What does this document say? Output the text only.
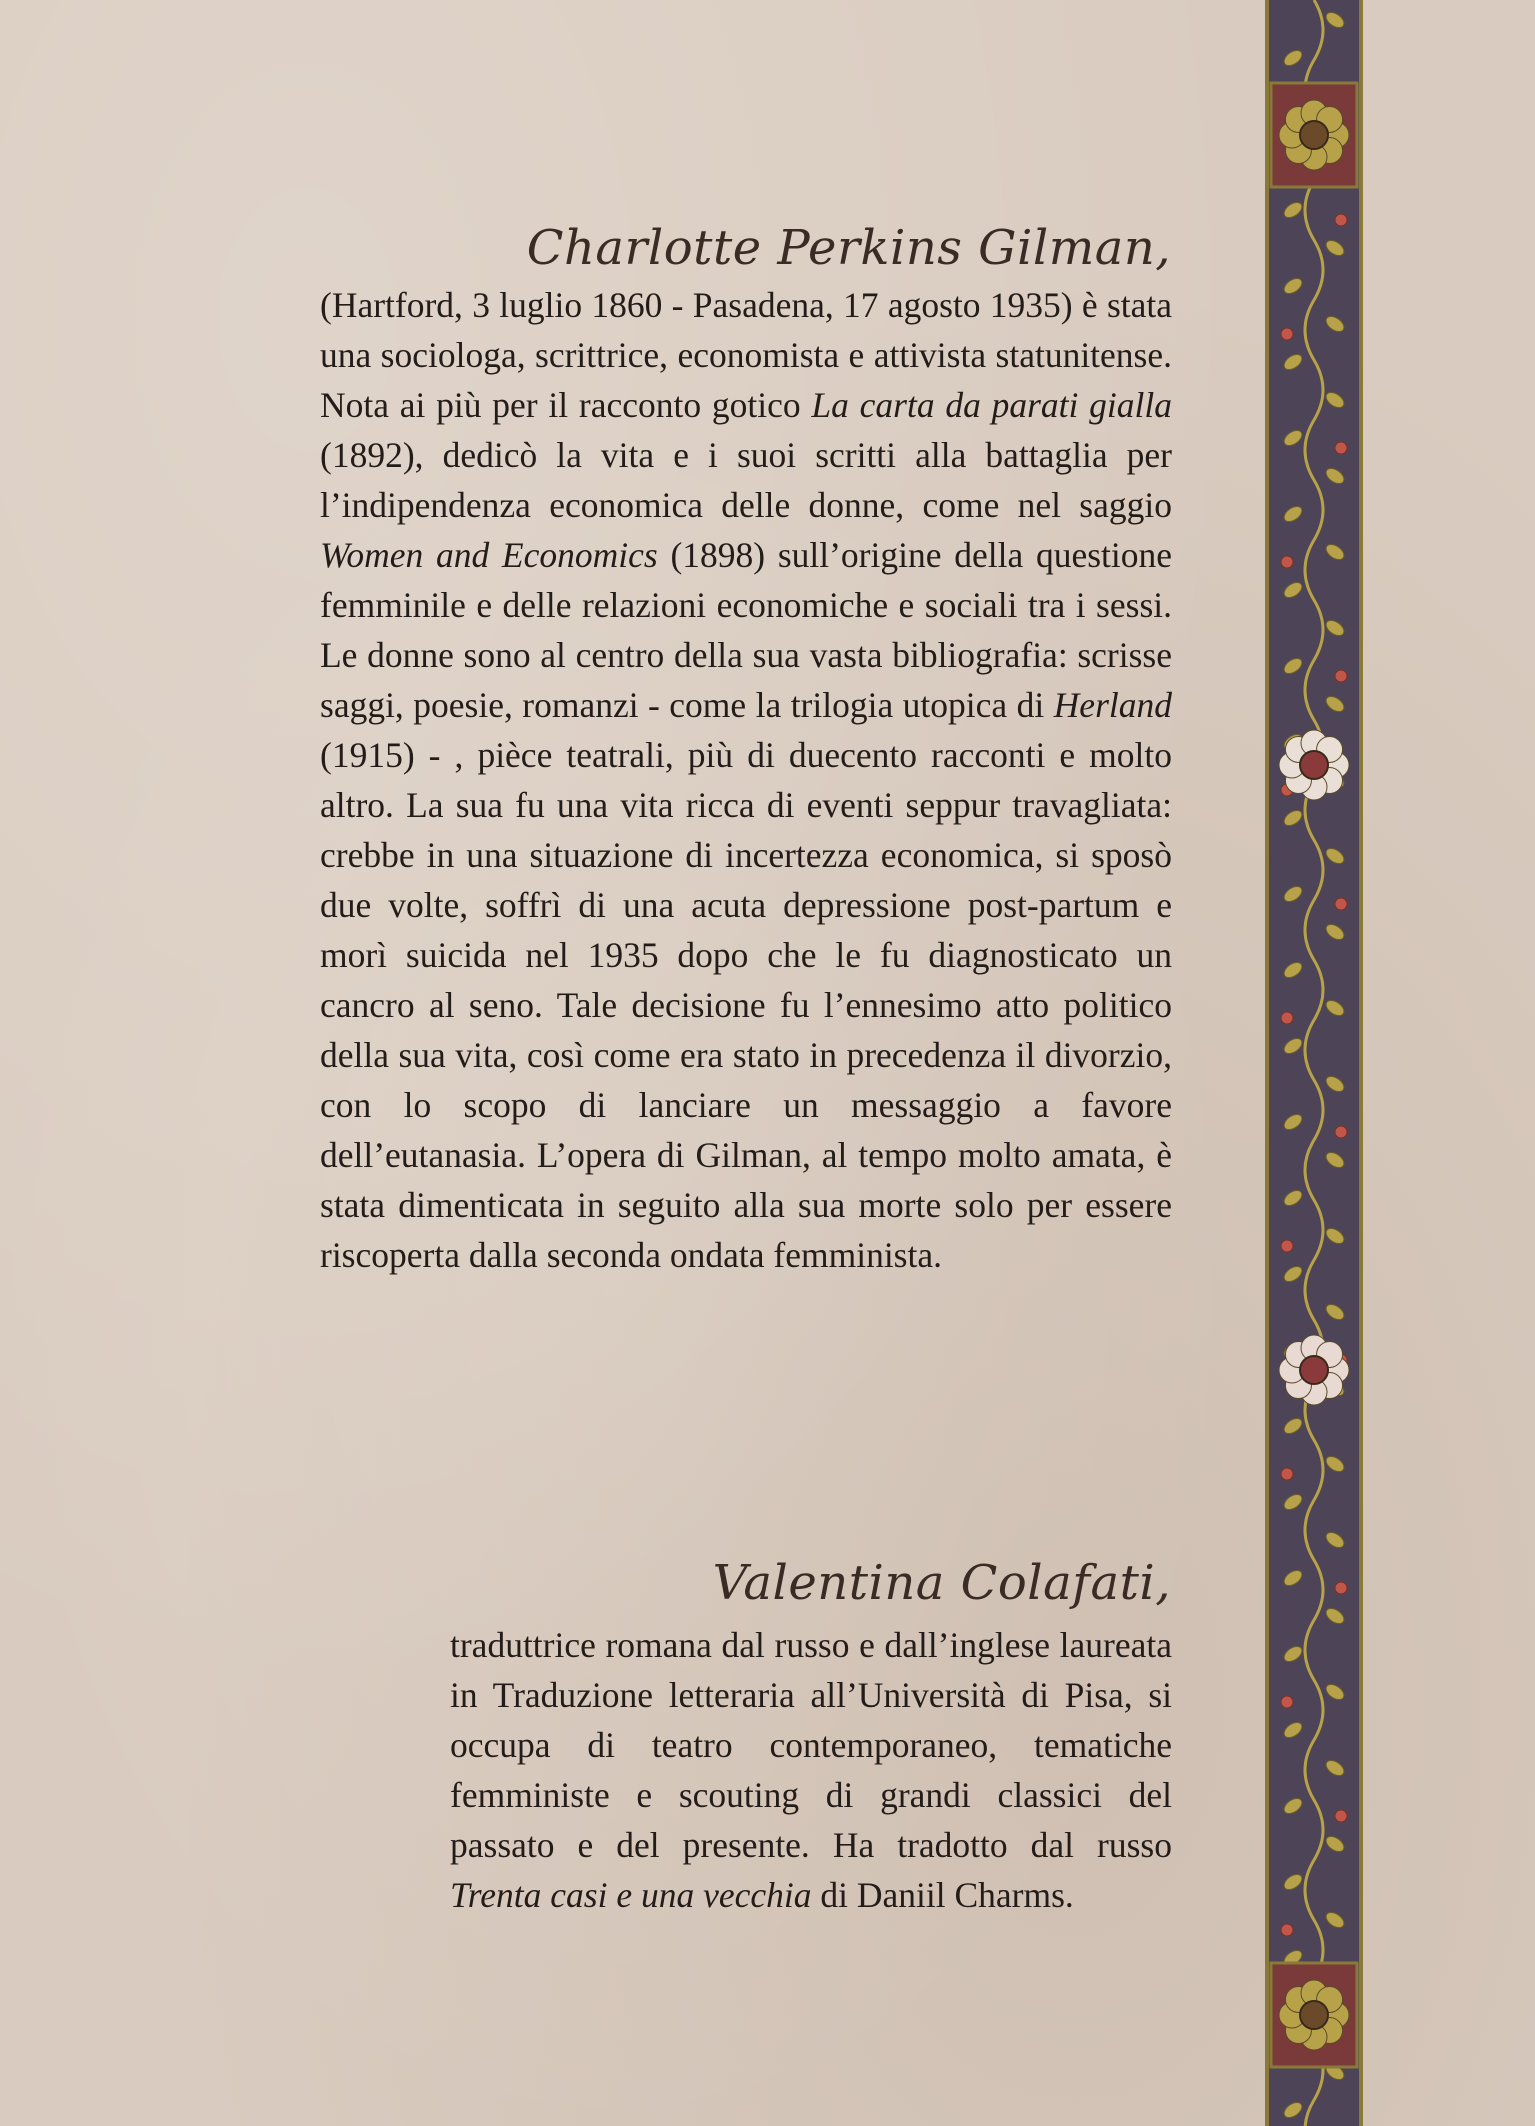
Charlotte Perkins Gilman,

(Hartford, 3 luglio 1860 - Pasadena, 17 agosto 1935) è stata una sociologa, scrittrice, economista e attivista statunitense. Nota ai più per il racconto gotico La carta da parati gialla (1892), dedicò la vita e i suoi scritti alla battaglia per l’indipendenza economica delle donne, come nel saggio Women and Economics (1898) sull’origine della questione femminile e delle relazioni economiche e sociali tra i sessi. Le donne sono al centro della sua vasta bibliografia: scrisse saggi, poesie, romanzi - come la trilogia utopica di Herland (1915) - , pièce teatrali, più di duecento racconti e molto altro. La sua fu una vita ricca di eventi seppur travagliata: crebbe in una situazione di incertezza economica, si sposò due volte, soffrì di una acuta depressione post-partum e morì suicida nel 1935 dopo che le fu diagnosticato un cancro al seno. Tale decisione fu l’ennesimo atto politico della sua vita, così come era stato in precedenza il divorzio, con lo scopo di lanciare un messaggio a favore dell’eutanasia. L’opera di Gilman, al tempo molto amata, è stata dimenticata in seguito alla sua morte solo per essere riscoperta dalla seconda ondata femminista.

Valentina Colafati,

traduttrice romana dal russo e dall’inglese laureata in Traduzione letteraria all’Università di Pisa, si occupa di teatro contemporaneo, tematiche femministe e scouting di grandi classici del passato e del presente. Ha tradotto dal russo Trenta casi e una vecchia di Daniil Charms.
